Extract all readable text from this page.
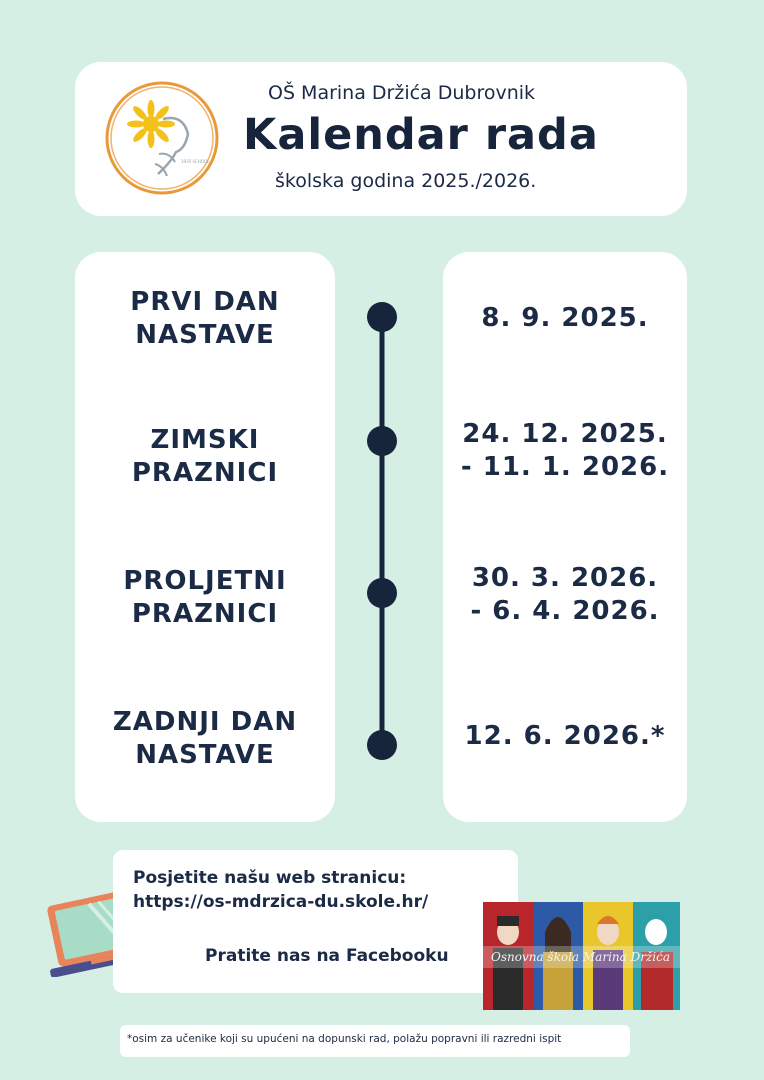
1935 SCHOOL
OŠ Marina Držića Dubrovnik
Kalendar rada
školska godina 2025./2026.
PRVI DAN
NASTAVE
ZIMSKI
PRAZNICI
PROLJETNI
PRAZNICI
ZADNJI DAN
NASTAVE
8. 9. 2025.
24. 12. 2025.
- 11. 1. 2026.
30. 3. 2026.
- 6. 4. 2026.
12. 6. 2026.*
Posjetite našu web stranicu:
https://os-mdrzica-du.skole.hr/
Pratite nas na Facebooku	Osnovna škola Marina Držića
*osim za učenike koji su upućeni na dopunski rad, polažu popravni ili razredni ispit
